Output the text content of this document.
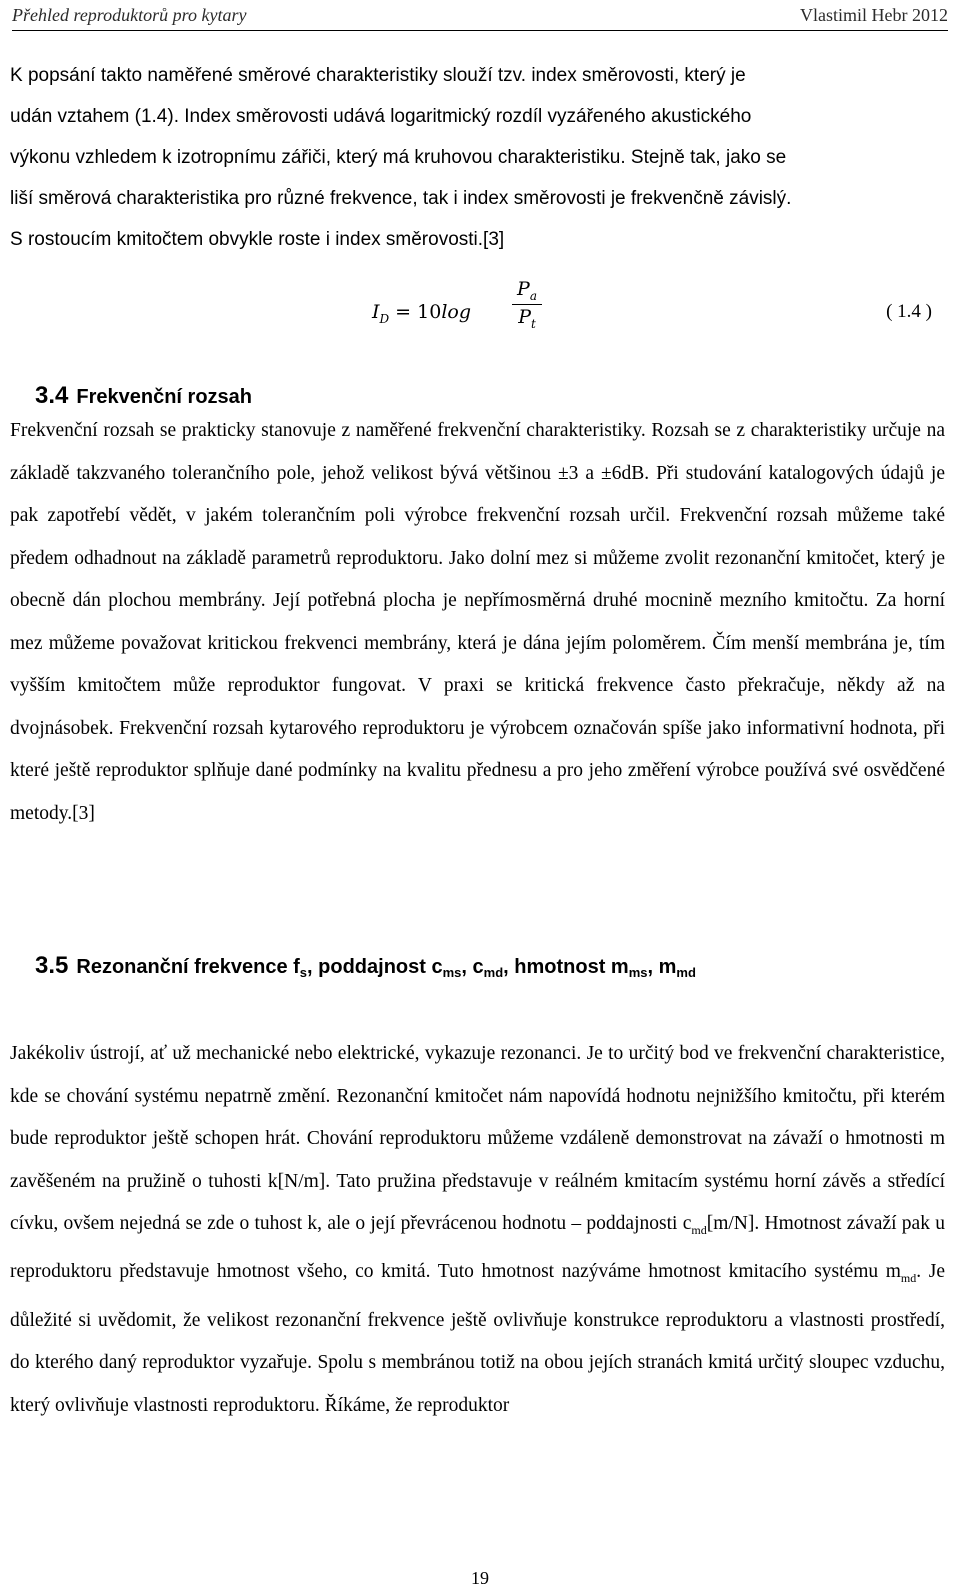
Přehled reproduktorů pro kytary	Vlastimil Hebr 2012
K popsání takto naměřené směrové charakteristiky slouží tzv. index směrovosti, který je
udán vztahem (1.4). Index směrovosti udává logaritmický rozdíl vyzářeného akustického
výkonu vzhledem k izotropnímu zářiči, který má kruhovou charakteristiku. Stejně tak, jako se
liší směrová charakteristika pro různé frekvence, tak i index směrovosti je frekvenčně závislý.
S rostoucím kmitočtem obvykle roste i index směrovosti.[3]
$I_D = 10\log$
$P_a$
$P_t$
( 1.4 )
3.4 Frekvenční rozsah

Frekvenční rozsah se prakticky stanovuje z naměřené frekvenční charakteristiky. Rozsah se z charakteristiky určuje na základě takzvaného tolerančního pole, jehož velikost bývá většinou ±3 a ±6dB. Při studování katalogových údajů je pak zapotřebí vědět, v jakém tolerančním poli výrobce frekvenční rozsah určil. Frekvenční rozsah můžeme také předem odhadnout na základě parametrů reproduktoru. Jako dolní mez si můžeme zvolit rezonanční kmitočet, který je obecně dán plochou membrány. Její potřebná plocha je nepřímosměrná druhé mocnině mezního kmitočtu. Za horní mez můžeme považovat kritickou frekvenci membrány, která je dána jejím poloměrem. Čím menší membrána je, tím vyšším kmitočtem může reproduktor fungovat. V praxi se kritická frekvence často překračuje, někdy až na dvojnásobek. Frekvenční rozsah kytarového reproduktoru je výrobcem označován spíše jako informativní hodnota, při které ještě reproduktor splňuje dané podmínky na kvalitu přednesu a pro jeho změření výrobce používá své osvědčené metody.[3]

3.5 Rezonanční frekvence $f_s$, poddajnost $c_{ms}$, $c_{md}$, hmotnost $m_{ms}$, $m_{md}$

Jakékoliv ústrojí, ať už mechanické nebo elektrické, vykazuje rezonanci. Je to určitý bod ve frekvenční charakteristice, kde se chování systému nepatrně změní. Rezonanční kmitočet nám napovídá hodnotu nejnižšího kmitočtu, při kterém bude reproduktor ještě schopen hrát. Chování reproduktoru můžeme vzdáleně demonstrovat na závaží o hmotnosti m zavěšeném na pružině o tuhosti k[N/m]. Tato pružina představuje v reálném kmitacím systému horní závěs a středící cívku, ovšem nejedná se zde o tuhost k, ale o její převrácenou hodnotu – poddajnosti $c_{md}[m/N]$. Hmotnost závaží pak u reproduktoru představuje hmotnost všeho, co kmitá. Tuto hmotnost nazýváme hmotnost kmitacího systému $m_{md}$. Je důležité si uvědomit, že velikost rezonanční frekvence ještě ovlivňuje konstrukce reproduktoru a vlastnosti prostředí, do kterého daný reproduktor vyzařuje. Spolu s membránou totiž na obou jejích stranách kmitá určitý sloupec vzduchu, který ovlivňuje vlastnosti reproduktoru. Říkáme, že reproduktor

19
